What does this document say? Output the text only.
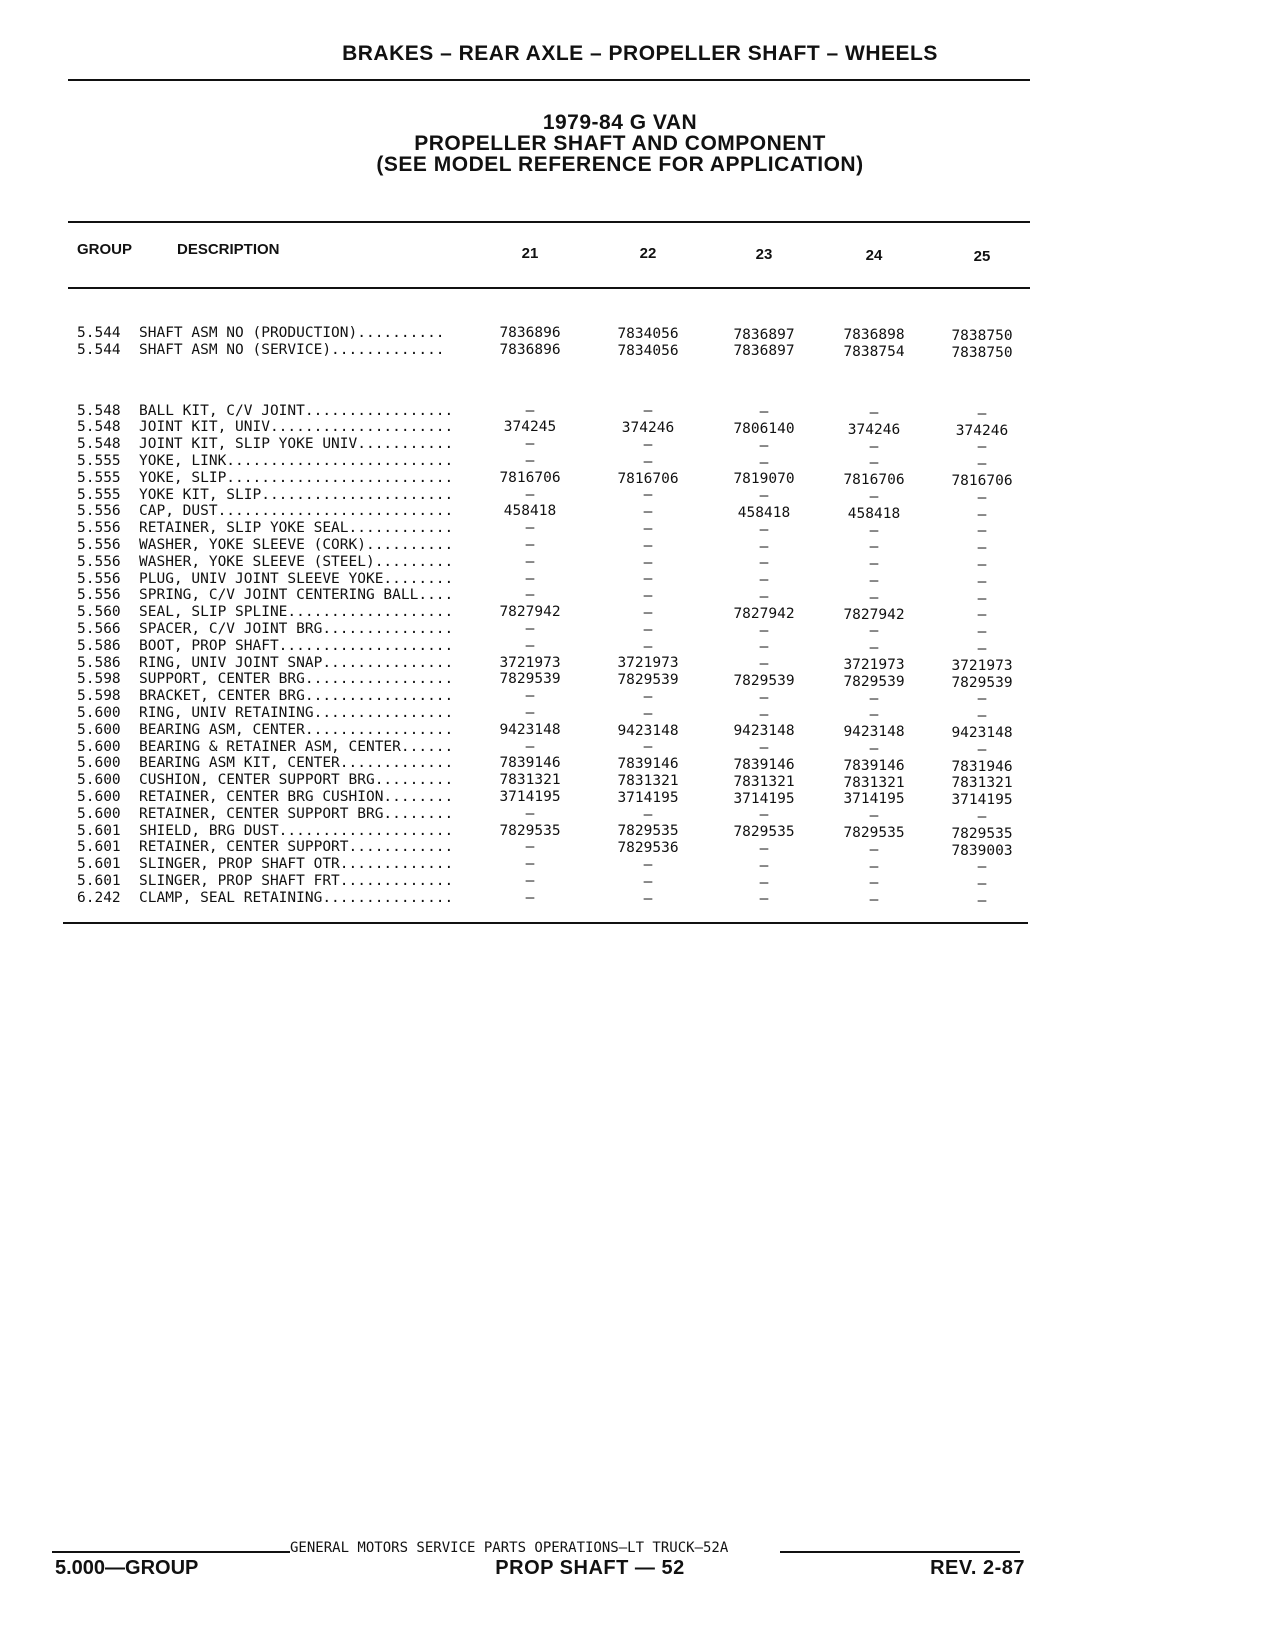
BRAKES – REAR AXLE – PROPELLER SHAFT – WHEELS
1979-84 G VAN
PROPELLER SHAFT AND COMPONENT
(SEE MODEL REFERENCE FOR APPLICATION)
GROUP	DESCRIPTION	21	22	23	24	25
5.544 SHAFT ASM NO (PRODUCTION)..........	7836896	7834056	7836897	7836898	7838750
5.544 SHAFT ASM NO (SERVICE).............	7836896	7834056	7836897	7838754	7838750
5.548 BALL KIT, C/V JOINT.................	—	—	—	—	—
5.548 JOINT KIT, UNIV.....................	374245	374246	7806140	374246	374246
5.548 JOINT KIT, SLIP YOKE UNIV...........	—	—	—	—	—
5.555 YOKE, LINK..........................	—	—	—	—	—
5.555 YOKE, SLIP..........................	7816706	7816706	7819070	7816706	7816706
5.555 YOKE KIT, SLIP......................	—	—	—	—	—
5.556 CAP, DUST...........................	458418	—	458418	458418	—
5.556 RETAINER, SLIP YOKE SEAL............	—	—	—	—	—
5.556 WASHER, YOKE SLEEVE (CORK)..........	—	—	—	—	—
5.556 WASHER, YOKE SLEEVE (STEEL).........	—	—	—	—	—
5.556 PLUG, UNIV JOINT SLEEVE YOKE........	—	—	—	—	—
5.556 SPRING, C/V JOINT CENTERING BALL....	—	—	—	—	—
5.560 SEAL, SLIP SPLINE...................	7827942	—	7827942	7827942	—
5.566 SPACER, C/V JOINT BRG...............	—	—	—	—	—
5.586 BOOT, PROP SHAFT....................	—	—	—	—	—
5.586 RING, UNIV JOINT SNAP...............	3721973	3721973	—	3721973	3721973
5.598 SUPPORT, CENTER BRG.................	7829539	7829539	7829539	7829539	7829539
5.598 BRACKET, CENTER BRG.................	—	—	—	—	—
5.600 RING, UNIV RETAINING................	—	—	—	—	—
5.600 BEARING ASM, CENTER.................	9423148	9423148	9423148	9423148	9423148
5.600 BEARING & RETAINER ASM, CENTER......	—	—	—	—	—
5.600 BEARING ASM KIT, CENTER.............	7839146	7839146	7839146	7839146	7831946
5.600 CUSHION, CENTER SUPPORT BRG.........	7831321	7831321	7831321	7831321	7831321
5.600 RETAINER, CENTER BRG CUSHION........	3714195	3714195	3714195	3714195	3714195
5.600 RETAINER, CENTER SUPPORT BRG........	—	—	—	—	—
5.601 SHIELD, BRG DUST....................	7829535	7829535	7829535	7829535	7829535
5.601 RETAINER, CENTER SUPPORT............	—	7829536	—	—	7839003
5.601 SLINGER, PROP SHAFT OTR.............	—	—	—	—	—
5.601 SLINGER, PROP SHAFT FRT.............	—	—	—	—	—
6.242 CLAMP, SEAL RETAINING...............	—	—	—	—	—
GENERAL MOTORS SERVICE PARTS OPERATIONS—LT TRUCK—52A
5.000—GROUP	PROP SHAFT — 52	REV. 2-87
